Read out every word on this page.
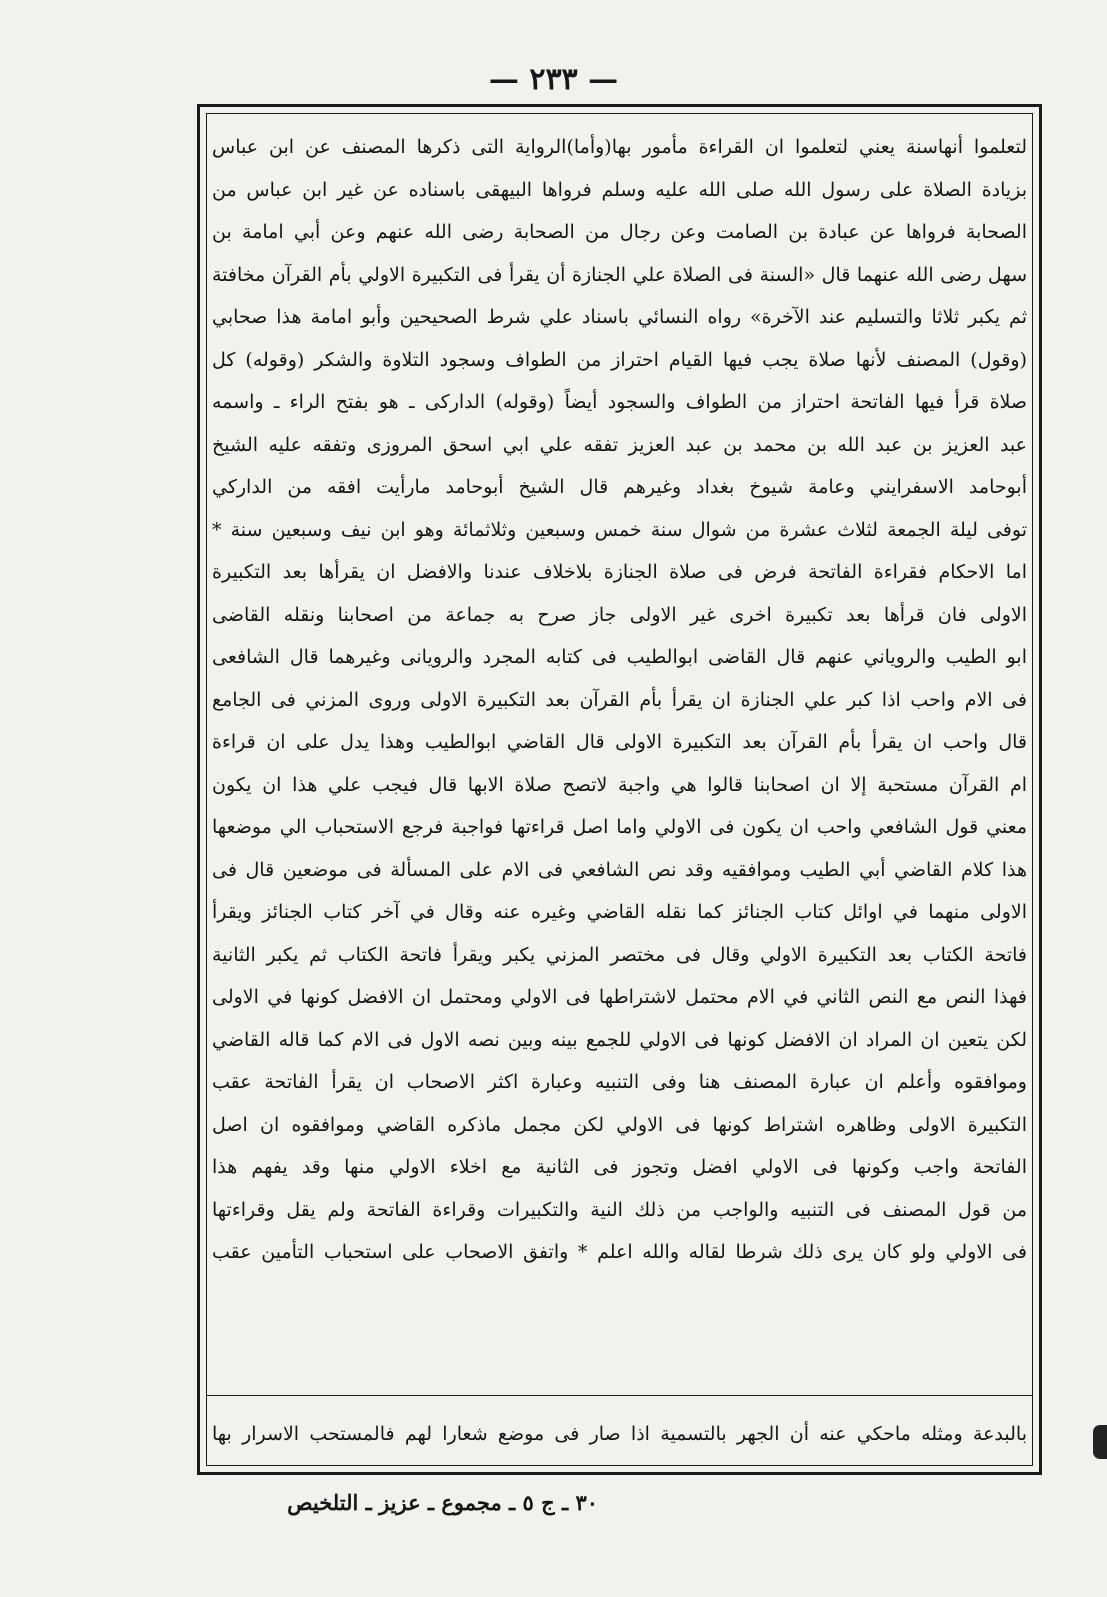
— ٢٣٣ —
لتعلموا أنهاسنة يعني لتعلموا ان القراءة مأمور بها(وأما)الرواية التى ذكرها المصنف عن ابن عباس
بزيادة الصلاة على رسول الله صلى الله عليه وسلم فرواها البيهقى باسناده عن غير ابن عباس من
الصحابة فرواها عن عبادة بن الصامت وعن رجال من الصحابة رضى الله عنهم وعن أبي امامة بن
سهل رضى الله عنهما قال «السنة فى الصلاة علي الجنازة أن يقرأ فى التكبيرة الاولي بأم القرآن مخافتة
ثم يكبر ثلاثا والتسليم عند الآخرة» رواه النسائي باسناد علي شرط الصحيحين وأبو امامة هذا صحابي
(وقول) المصنف لأنها صلاة يجب فيها القيام احتراز من الطواف وسجود التلاوة والشكر (وقوله) كل
صلاة قرأ فيها الفاتحة احتراز من الطواف والسجود أيضاً (وقوله) الداركى ـ هو بفتح الراء ـ واسمه
عبد العزيز بن عبد الله بن محمد بن عبد العزيز تفقه علي ابي اسحق المروزى وتفقه عليه الشيخ
أبوحامد الاسفرايني وعامة شيوخ بغداد وغيرهم قال الشيخ أبوحامد مارأيت افقه من الداركي
توفى ليلة الجمعة لثلاث عشرة من شوال سنة خمس وسبعين وثلاثمائة وهو ابن نيف وسبعين سنة *
اما الاحكام فقراءة الفاتحة فرض فى صلاة الجنازة بلاخلاف عندنا والافضل ان يقرأها بعد التكبيرة
الاولى فان قرأها بعد تكبيرة اخرى غير الاولى جاز صرح به جماعة من اصحابنا ونقله القاضى
ابو الطيب والروياني عنهم قال القاضى ابوالطيب فى كتابه المجرد والرويانى وغيرهما قال الشافعى
فى الام واحب اذا كبر علي الجنازة ان يقرأ بأم القرآن بعد التكبيرة الاولى وروى المزني فى الجامع
قال واحب ان يقرأ بأم القرآن بعد التكبيرة الاولى قال القاضي ابوالطيب وهذا يدل على ان قراءة
ام القرآن مستحبة إلا ان اصحابنا قالوا هي واجبة لاتصح صلاة الابها قال فيجب علي هذا ان يكون
معني قول الشافعي واحب ان يكون فى الاولي واما اصل قراءتها فواجبة فرجع الاستحباب الي موضعها
هذا كلام القاضي أبي الطيب وموافقيه وقد نص الشافعي فى الام على المسألة فى موضعين قال فى
الاولى منهما في اوائل كتاب الجنائز كما نقله القاضي وغيره عنه وقال في آخر كتاب الجنائز ويقرأ
فاتحة الكتاب بعد التكبيرة الاولي وقال فى مختصر المزني يكبر ويقرأ فاتحة الكتاب ثم يكبر الثانية
فهذا النص مع النص الثاني في الام محتمل لاشتراطها فى الاولي ومحتمل ان الافضل كونها في الاولى
لكن يتعين ان المراد ان الافضل كونها فى الاولي للجمع بينه وبين نصه الاول فى الام كما قاله القاضي
وموافقوه وأعلم ان عبارة المصنف هنا وفى التنبيه وعبارة اكثر الاصحاب ان يقرأ الفاتحة عقب
التكبيرة الاولى وظاهره اشتراط كونها فى الاولي لكن مجمل ماذكره القاضي وموافقوه ان اصل
الفاتحة واجب وكونها فى الاولي افضل وتجوز فى الثانية مع اخلاء الاولي منها وقد يفهم هذا
من قول المصنف فى التنبيه والواجب من ذلك النية والتكبيرات وقراءة الفاتحة ولم يقل وقراءتها
فى الاولي ولو كان يرى ذلك شرطا لقاله والله اعلم * واتفق الاصحاب على استحباب التأمين عقب
بالبدعة ومثله ماحكي عنه أن الجهر بالتسمية اذا صار فى موضع شعارا لهم فالمستحب الاسرار بها
٣٠ ـ ج ٥ ـ مجموع ـ عزيز ـ التلخيص
